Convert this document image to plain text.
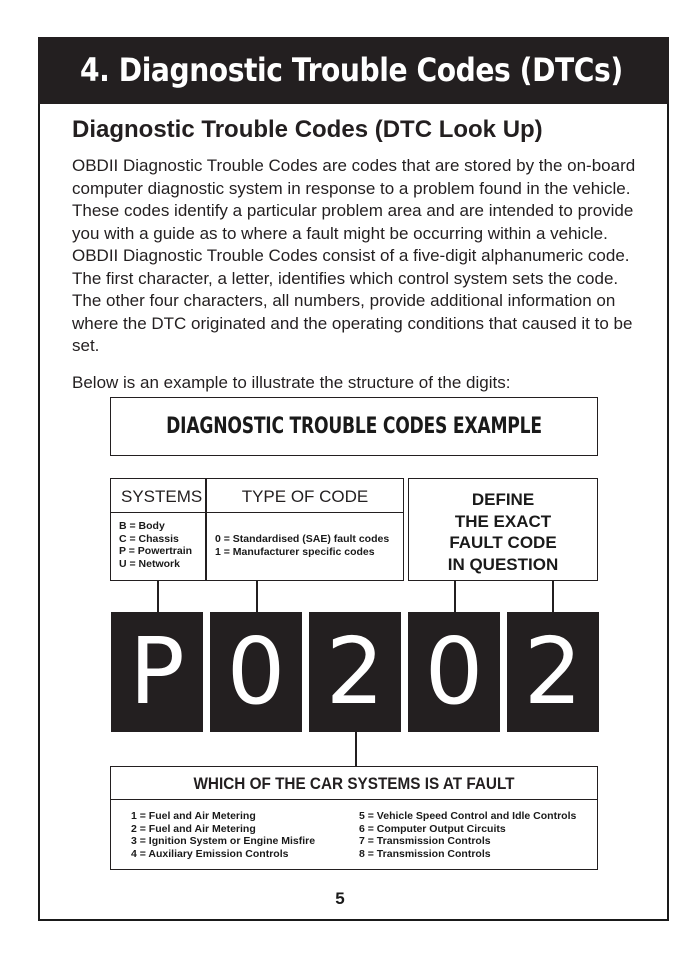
4. Diagnostic Trouble Codes (DTCs)
Diagnostic Trouble Codes (DTC Look Up)

OBDII Diagnostic Trouble Codes are codes that are stored by the on-board computer diagnostic system in response to a problem found in the vehicle. These codes identify a particular problem area and are intended to provide you with a guide as to where a fault might be occurring within a vehicle. OBDII Diagnostic Trouble Codes consist of a five-digit alphanumeric code. The first character, a letter, identifies which control system sets the code. The other four characters, all numbers, provide additional information on where the DTC originated and the operating conditions that caused it to be set.

Below is an example to illustrate the structure of the digits:
DIAGNOSTIC TROUBLE CODES EXAMPLE
SYSTEMS
B = Body
C = Chassis
P = Powertrain
U = Network
TYPE OF CODE
0 = Standardised (SAE) fault codes
1 = Manufacturer specific codes
DEFINE
THE EXACT
FAULT CODE
IN QUESTION
P 0 2 0 2
WHICH OF THE CAR SYSTEMS IS AT FAULT
1 = Fuel and Air Metering
2 = Fuel and Air Metering
3 = Ignition System or Engine Misfire
4 = Auxiliary Emission Controls
5 = Vehicle Speed Control and Idle Controls
6 = Computer Output Circuits
7 = Transmission Controls
8 = Transmission Controls
5
